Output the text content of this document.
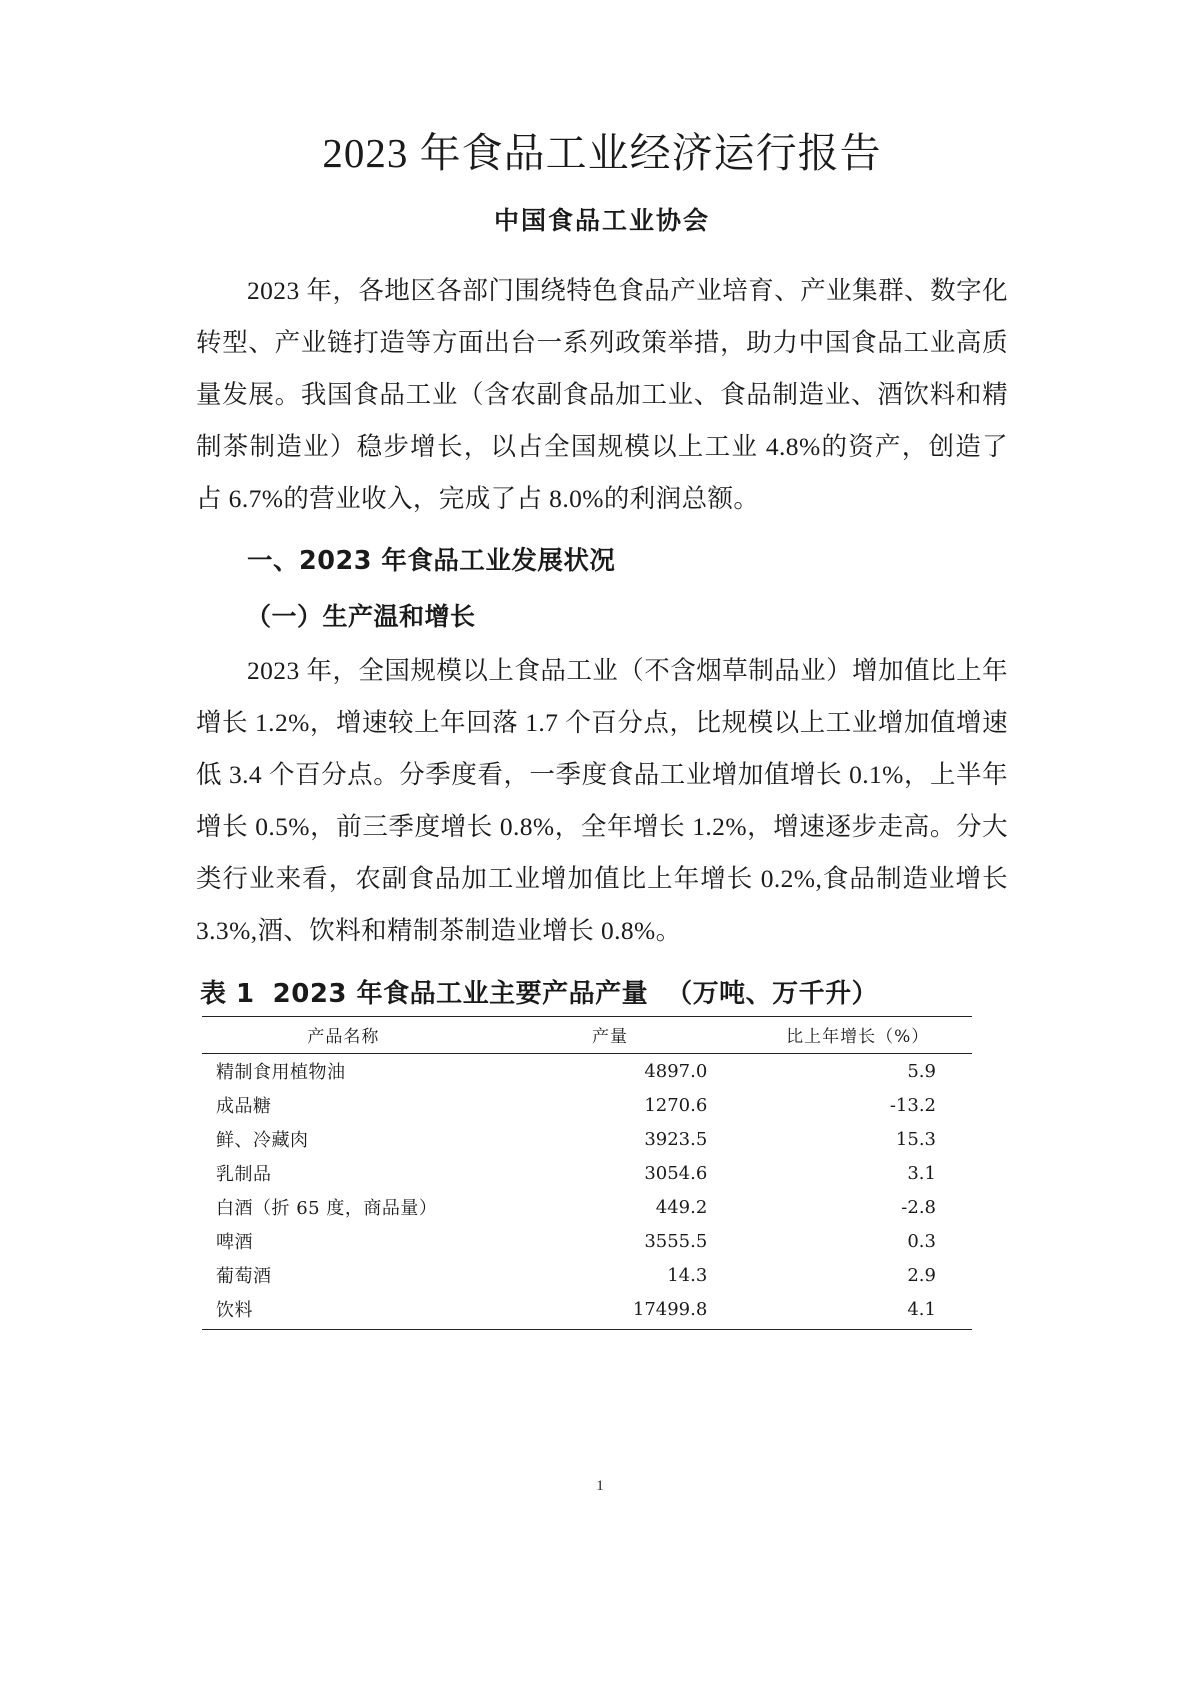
2023 年食品工业经济运行报告
中国食品工业协会

2023 年，各地区各部门围绕特色食品产业培育、产业集群、数字化转型、产业链打造等方面出台一系列政策举措，助力中国食品工业高质量发展。我国食品工业（含农副食品加工业、食品制造业、酒饮料和精制茶制造业）稳步增长，以占全国规模以上工业 4.8%的资产，创造了占 6.7%的营业收入，完成了占 8.0%的利润总额。

一、2023 年食品工业发展状况
（一）生产温和增长

2023 年，全国规模以上食品工业（不含烟草制品业）增加值比上年增长 1.2%，增速较上年回落 1.7 个百分点，比规模以上工业增加值增速低 3.4 个百分点。分季度看，一季度食品工业增加值增长 0.1%，上半年增长 0.5%，前三季度增长 0.8%，全年增长 1.2%，增速逐步走高。分大类行业来看，农副食品加工业增加值比上年增长 0.2%,食品制造业增长 3.3%,酒、饮料和精制茶制造业增长 0.8%。

表 1 2023 年食品工业主要产品产量 （万吨、万千升）
产品名称	产量	比上年增长（%）
精制食用植物油	4897.0	5.9
成品糖	1270.6	-13.2
鲜、冷藏肉	3923.5	15.3
乳制品	3054.6	3.1
白酒（折 65 度，商品量）	449.2	-2.8
啤酒	3555.5	0.3
葡萄酒	14.3	2.9
饮料	17499.8	4.1
1
